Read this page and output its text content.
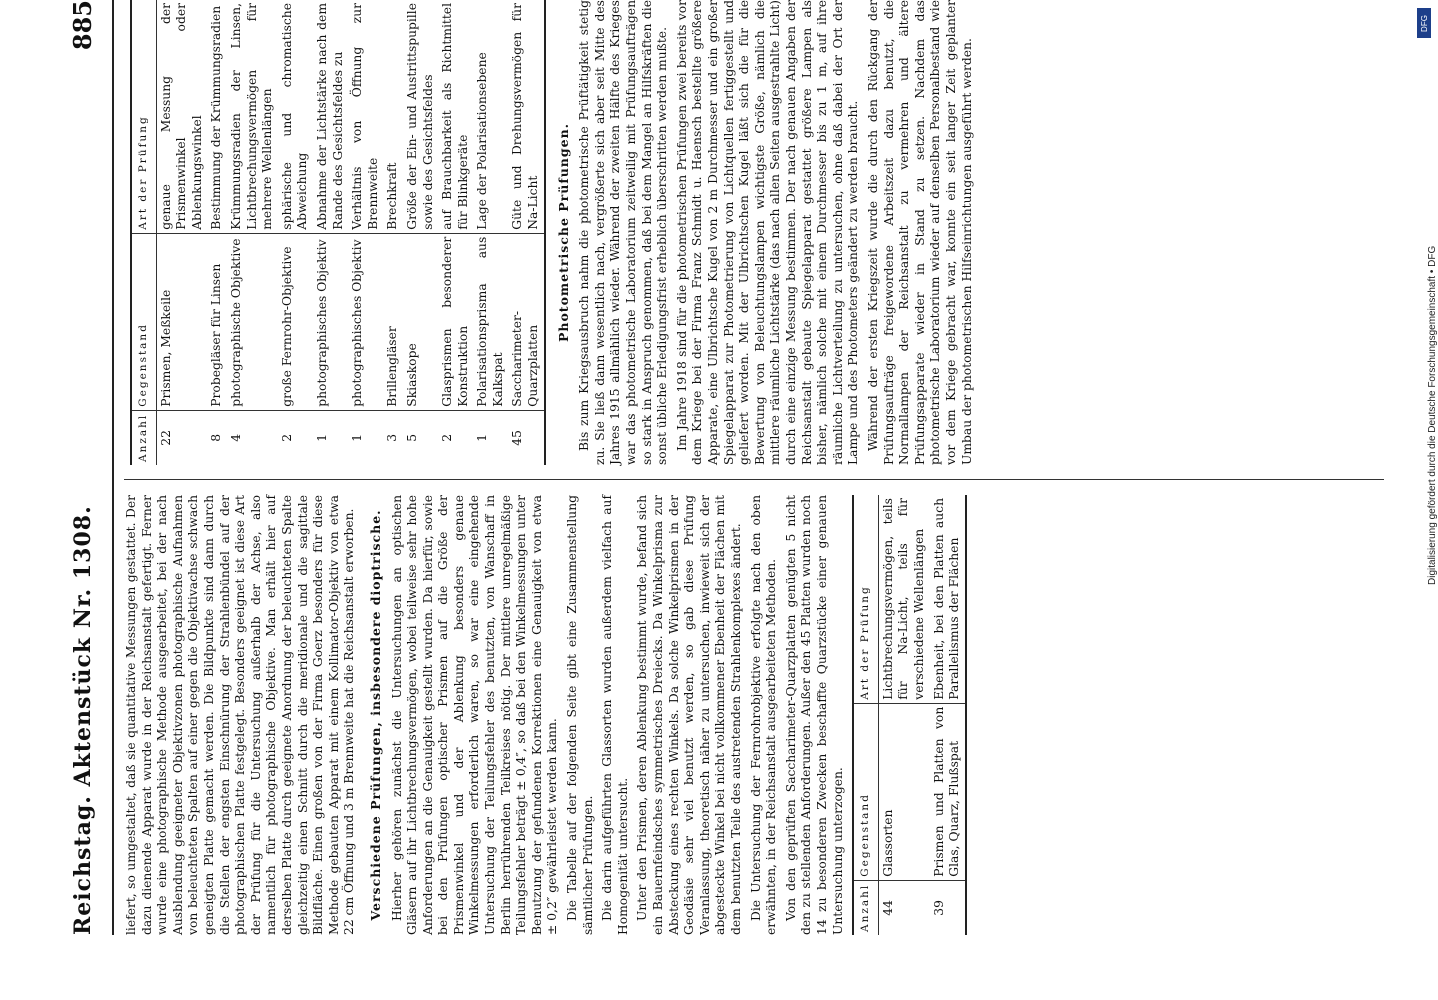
Reichstag. Aktenstück Nr. 1308.
885

liefert, so umgestaltet, daß sie quantitative Messungen gestattet. Der dazu dienende Apparat wurde in der Reichsanstalt gefertigt. Ferner wurde eine photographische Methode ausgearbeitet, bei der nach Ausblendung geeigneter Objektivzonen photographische Aufnahmen von beleuchteten Spalten auf einer gegen die Objektivachse schwach geneigten Platte gemacht werden. Die Bildpunkte sind dann durch die Stellen der engsten Einschnürung der Strahlenbündel auf der photographischen Platte festgelegt. Besonders geeignet ist diese Art der Prüfung für die Untersuchung außerhalb der Achse, also namentlich für photographische Objektive. Man erhält hier auf derselben Platte durch geeignete Anordnung der beleuchteten Spalte gleichzeitig einen Schnitt durch die meridionale und die sagittale Bildfläche. Einen großen von der Firma Goerz besonders für diese Methode gebauten Apparat mit einem Kollimator-Objektiv von etwa 22 cm Öffnung und 3 m Brennweite hat die Reichsanstalt erworben. Verschiedene Prüfungen, insbesondere dioptrische. Hierher gehören zunächst die Untersuchungen an optischen Gläsern auf ihr Lichtbrechungsvermögen, wobei teilweise sehr hohe Anforderungen an die Genauigkeit gestellt wurden. Da hierfür, sowie bei den Prüfungen optischer Prismen auf die Größe der Prismenwinkel und der Ablenkung besonders genaue Winkelmessungen erforderlich waren, so war eine eingehende Untersuchung der Teilungsfehler des benutzten, von Wanschaff in Berlin herrührenden Teilkreises nötig. Der mittlere unregelmäßige Teilungsfehler beträgt ± 0,4″, so daß bei den Winkelmessungen unter Benutzung der gefundenen Korrektionen eine Genauigkeit von etwa ± 0,2″ gewährleistet werden kann. Die Tabelle auf der folgenden Seite gibt eine Zusammenstellung sämtlicher Prüfungen. Die darin aufgeführten Glassorten wurden außerdem vielfach auf Homogenität untersucht. Unter den Prismen, deren Ablenkung bestimmt wurde, befand sich ein Bauernfeindsches symmetrisches Dreiecks. Da Winkelprisma zur Absteckung eines rechten Winkels. Da solche Winkelprismen in der Geodäsie sehr viel benutzt werden, so gab diese Prüfung Veranlassung, theoretisch näher zu untersuchen, inwieweit sich der abgesteckte Winkel bei nicht vollkommener Ebenheit der Flächen mit dem benutzten Teile des austretenden Strahlenkomplexes ändert. Die Untersuchung der Fernrohrobjektive erfolgte nach den oben erwähnten, in der Reichsanstalt ausgearbeiteten Methoden. Von den geprüften Saccharimeter-Quarzplatten genügten 5 nicht den zu stellenden Anforderungen. Außer den 45 Platten wurden noch 14 zu besonderen Zwecken beschaffte Quarzstücke einer genauen Untersuchung unterzogen. Anzahl	Gegenstand	Art der Prüfung
44	Glassorten	Lichtbrechungsvermögen, teils für Na-Licht, teils für verschiedene Wellenlängen
39	Prismen und Platten von Glas, Quarz, Flußspat	Ebenheit, bei den Platten auch Parallelismus der Flächen
Anzahl	Gegenstand	Art der Prüfung
22	Prismen, Meßkeile	genaue Messung der Prismenwinkel oder Ablenkungswinkel
8	Probegläser für Linsen	Bestimmung der Krümmungsradien
4	photographische Objektive	Krümmungsradien der Linsen, Lichtbrechungsvermögen für mehrere Wellenlängen
2	große Fernrohr-Objektive	sphärische und chromatische Abweichung
1	photographisches Objektiv	Abnahme der Lichtstärke nach dem Rande des Gesichtsfeldes zu
1	photographisches Objektiv	Verhältnis von Öffnung zur Brennweite
3	Brillengläser	Brechkraft
5	Skiaskope	Größe der Ein- und Austrittspupille sowie des Gesichtsfeldes
2	Glasprismen besonderer Konstruktion	auf Brauchbarkeit als Richtmittel für Blinkgeräte
1	Polarisationsprisma aus Kalkspat	Lage der Polarisationsebene
45	Saccharimeter-Quarzplatten	Güte und Drehungsvermögen für Na-Licht Photometrische Prüfungen. Bis zum Kriegsausbruch nahm die photometrische Prüftätigkeit stetig zu. Sie ließ dann wesentlich nach, vergrößerte sich aber seit Mitte des Jahres 1915 allmählich wieder. Während der zweiten Hälfte des Krieges war das photometrische Laboratorium zeitweilig mit Prüfungsaufträgen so stark in Anspruch genommen, daß bei dem Mangel an Hilfskräften die sonst übliche Erledigungsfrist erheblich überschritten werden mußte. Im Jahre 1918 sind für die photometrischen Prüfungen zwei bereits vor dem Kriege bei der Firma Franz Schmidt u. Haensch bestellte größere Apparate, eine Ulbrichtsche Kugel von 2 m Durchmesser und ein großer Spiegelapparat zur Photometrierung von Lichtquellen fertiggestellt und geliefert worden. Mit der Ulbrichtschen Kugel läßt sich die für die Bewertung von Beleuchtungslampen wichtigste Größe, nämlich die mittlere räumliche Lichtstärke (das nach allen Seiten ausgestrahlte Licht) durch eine einzige Messung bestimmen. Der nach genauen Angaben der Reichsanstalt gebaute Spiegelapparat gestattet größere Lampen als bisher, nämlich solche mit einem Durchmesser bis zu 1 m, auf ihre räumliche Lichtverteilung zu untersuchen, ohne daß dabei der Ort der Lampe und des Photometers geändert zu werden braucht. Während der ersten Kriegszeit wurde die durch den Rückgang der Prüfungsaufträge freigewordene Arbeitszeit dazu benutzt, die Normallampen der Reichsanstalt zu vermehren und ältere Prüfungsapparate wieder in Stand zu setzen. Nachdem das photometrische Laboratorium wieder auf denselben Personalbestand wie vor dem Kriege gebracht war, konnte ein seit langer Zeit geplanter Umbau der photometrischen Hilfseinrichtungen ausgeführt werden.

DFG
Digitalisierung gefördert durch die Deutsche Forschungsgemeinschaft • DFG
